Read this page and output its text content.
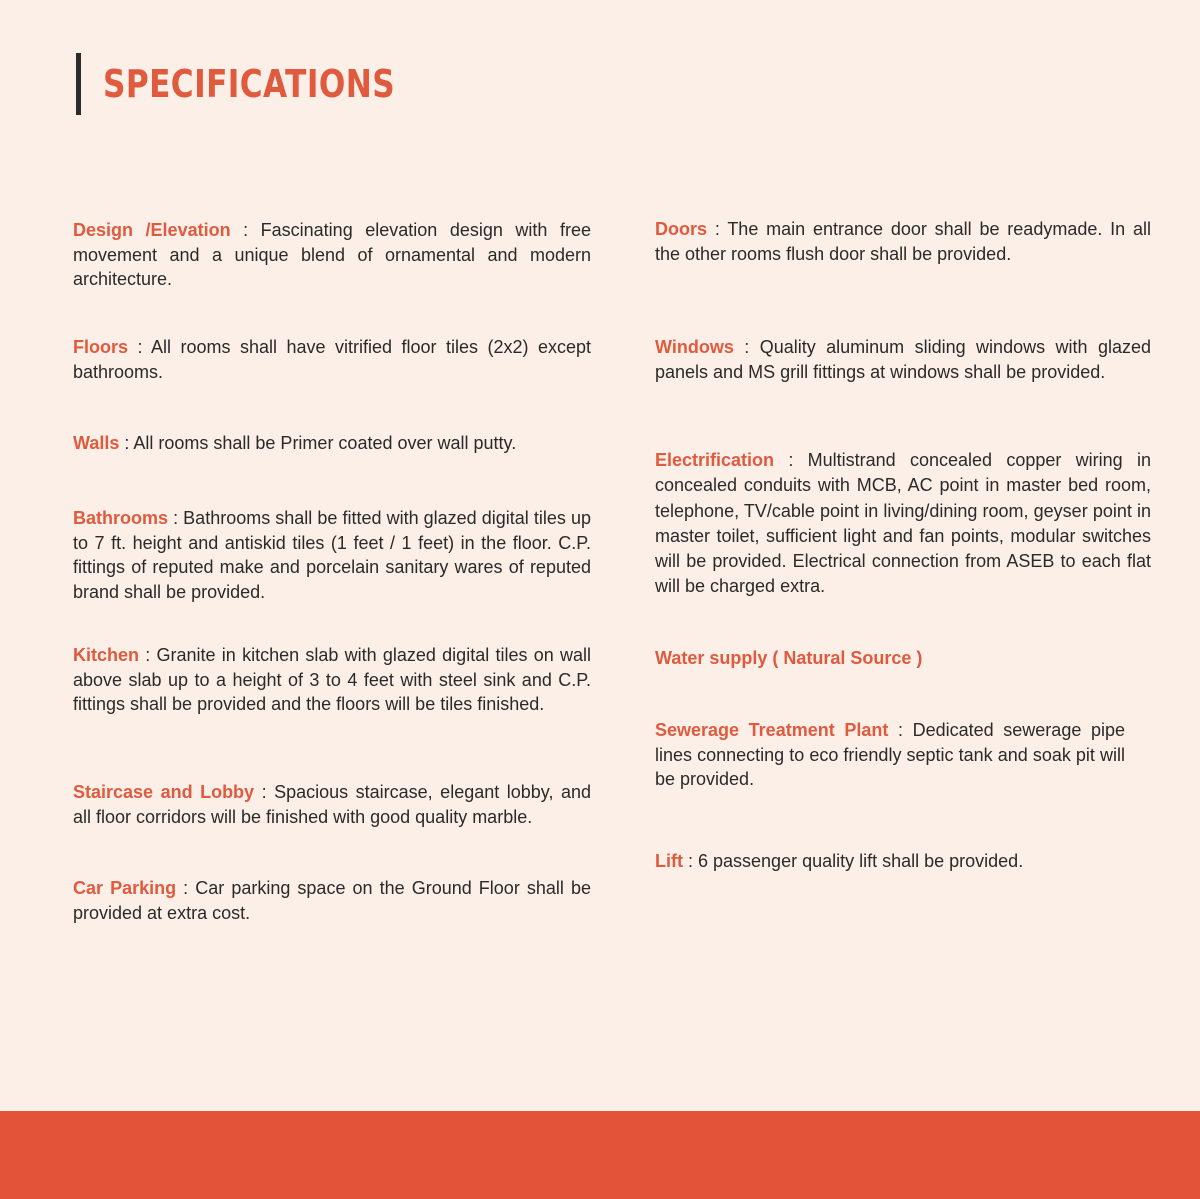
SPECIFICATIONS
Design /Elevation : Fascinating elevation design with free movement and a unique blend of ornamental and modern architecture.
Floors : All rooms shall have vitrified floor tiles (2x2) except bathrooms.
Walls : All rooms shall be Primer coated over wall putty.
Bathrooms : Bathrooms shall be fitted with glazed digital tiles up to 7 ft. height and antiskid tiles (1 feet / 1 feet) in the floor. C.P. fittings of reputed make and porcelain sanitary wares of reputed brand shall be provided.
Kitchen : Granite in kitchen slab with glazed digital tiles on wall above slab up to a height of 3 to 4 feet with steel sink and C.P. fittings shall be provided and the floors will be tiles finished.
Staircase and Lobby : Spacious staircase, elegant lobby, and all floor corridors will be finished with good quality marble.
Car Parking : Car parking space on the Ground Floor shall be provided at extra cost.
Doors : The main entrance door shall be readymade. In all the other rooms flush door shall be provided.
Windows : Quality aluminum sliding windows with glazed panels and MS grill fittings at windows shall be provided.
Electrification : Multistrand concealed copper wiring in concealed conduits with MCB, AC point in master bed room, telephone, TV/cable point in living/dining room, geyser point in master toilet, sufficient light and fan points, modular switches will be provided. Electrical connection from ASEB to each flat will be charged extra.
Water supply ( Natural Source )
Sewerage Treatment Plant : Dedicated sewerage pipe lines connecting to eco friendly septic tank and soak pit will be provided.
Lift : 6 passenger quality lift shall be provided.
